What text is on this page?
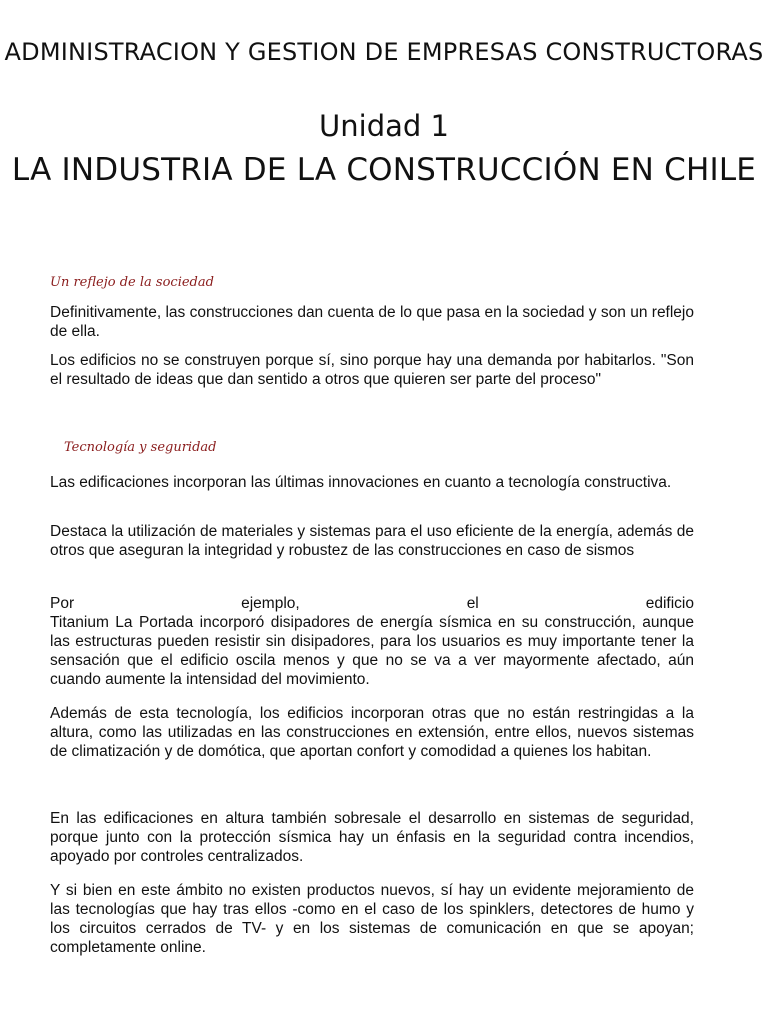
ADMINISTRACION Y GESTION DE EMPRESAS CONSTRUCTORAS
Unidad 1
LA INDUSTRIA DE LA CONSTRUCCIÓN EN CHILE
Un reflejo de la sociedad
Definitivamente, las construcciones dan cuenta de lo que pasa en la sociedad y son un reflejo de ella.
Los edificios no se construyen porque sí, sino porque hay una demanda por habitarlos. "Son el resultado de ideas que dan sentido a otros que quieren ser parte del proceso"
Tecnología y seguridad
Las edificaciones incorporan las últimas innovaciones en cuanto a tecnología constructiva.
Destaca la utilización de materiales y sistemas para el uso eficiente de la energía, además de otros que aseguran la integridad y robustez de las construcciones en caso de sismos
Por	ejemplo,	el	edificio
Titanium La Portada incorporó disipadores de energía sísmica en su construcción, aunque las estructuras pueden resistir sin disipadores, para los usuarios es muy importante tener la sensación que el edificio oscila menos y que no se va a ver mayormente afectado, aún cuando aumente la intensidad del movimiento.
Además de esta tecnología, los edificios incorporan otras que no están restringidas a la altura, como las utilizadas en las construcciones en extensión, entre ellos, nuevos sistemas de climatización y de domótica, que aportan confort y comodidad a quienes los habitan.
En las edificaciones en altura también sobresale el desarrollo en sistemas de seguridad, porque junto con la protección sísmica hay un énfasis en la seguridad contra incendios, apoyado por controles centralizados.
Y si bien en este ámbito no existen productos nuevos, sí hay un evidente mejoramiento de las tecnologías que hay tras ellos -como en el caso de los spinklers, detectores de humo y los circuitos cerrados de TV- y en los sistemas de comunicación en que se apoyan; completamente online.
